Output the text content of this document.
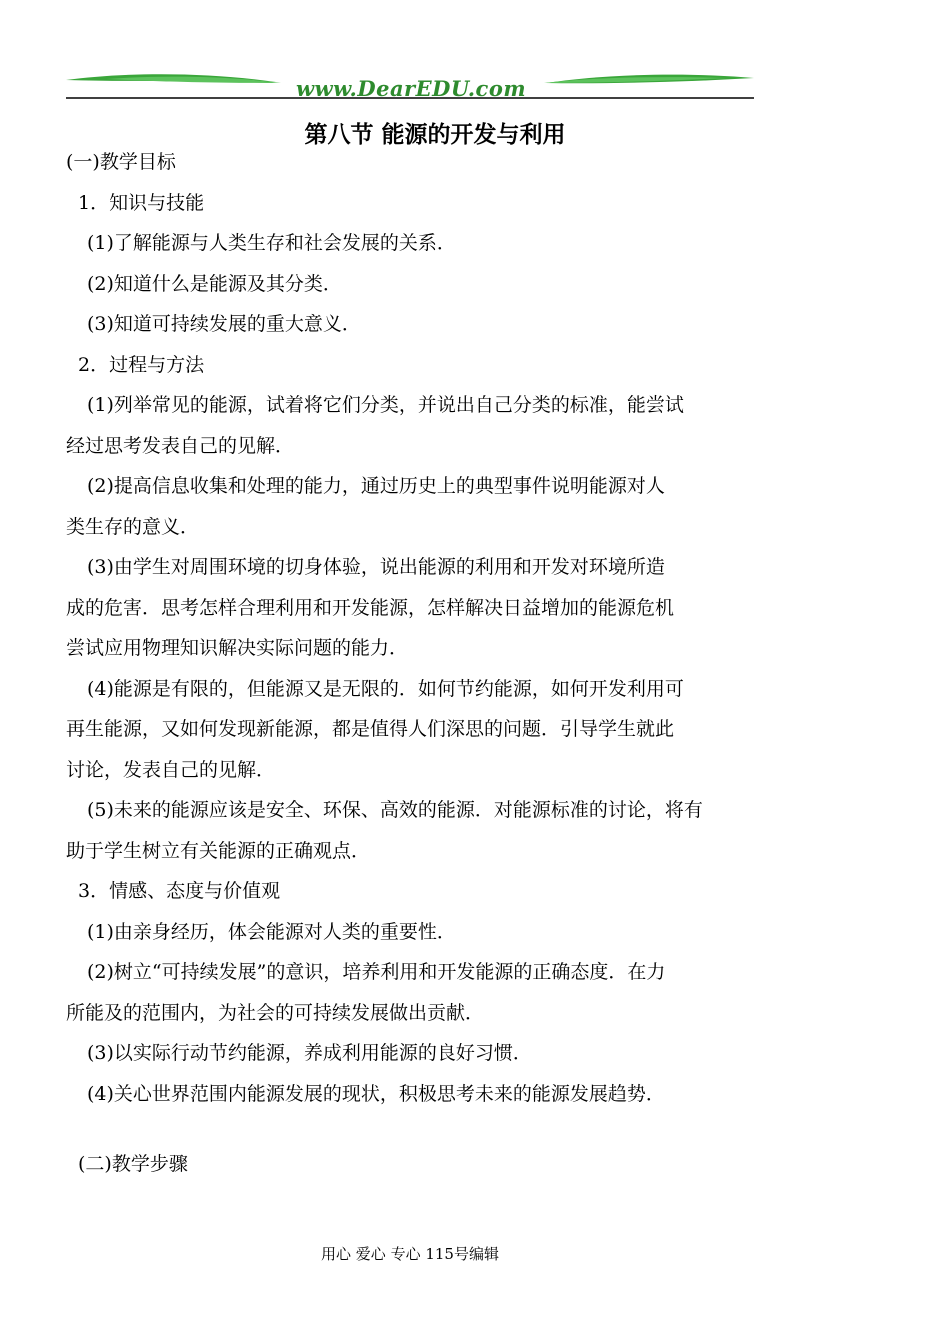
www.DearEDU.com
第八节 能源的开发与利用

(一)教学目标

1．知识与技能

(1)了解能源与人类生存和社会发展的关系．

(2)知道什么是能源及其分类．

(3)知道可持续发展的重大意义．

2．过程与方法

(1)列举常见的能源，试着将它们分类，并说出自己分类的标准，能尝试

经过思考发表自己的见解．

(2)提高信息收集和处理的能力，通过历史上的典型事件说明能源对人

类生存的意义．

(3)由学生对周围环境的切身体验，说出能源的利用和开发对环境所造

成的危害．思考怎样合理利用和开发能源，怎样解决日益增加的能源危机

尝试应用物理知识解决实际问题的能力．

(4)能源是有限的，但能源又是无限的．如何节约能源，如何开发利用可

再生能源，又如何发现新能源，都是值得人们深思的问题．引导学生就此

讨论，发表自己的见解．

(5)未来的能源应该是安全、环保、高效的能源．对能源标准的讨论，将有

助于学生树立有关能源的正确观点．

3．情感、态度与价值观

(1)由亲身经历，体会能源对人类的重要性．

(2)树立“可持续发展”的意识，培养利用和开发能源的正确态度．在力

所能及的范围内，为社会的可持续发展做出贡献．

(3)以实际行动节约能源，养成利用能源的良好习惯．

(4)关心世界范围内能源发展的现状，积极思考未来的能源发展趋势．

(二)教学步骤

用心 爱心 专心 115号编辑
